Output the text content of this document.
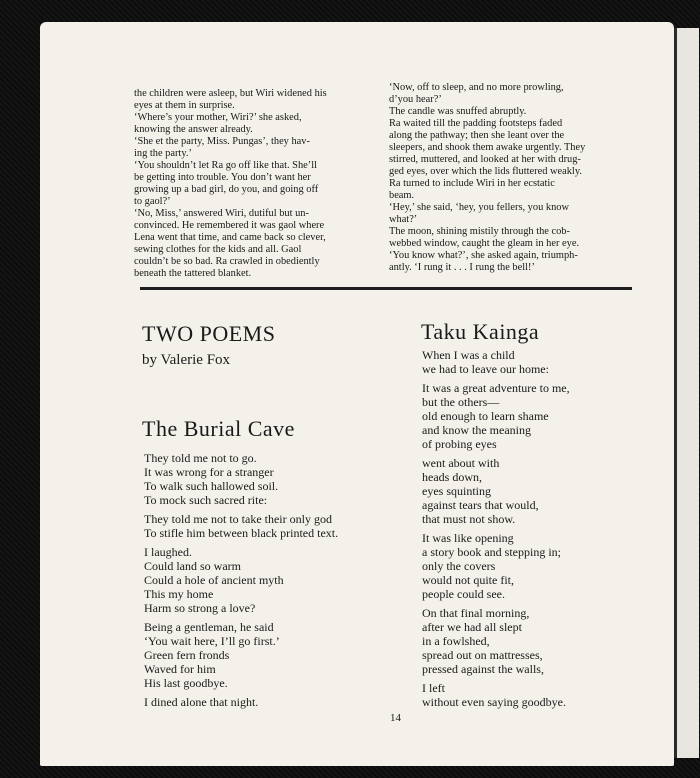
the children were asleep, but Wiri widened his

eyes at them in surprise.

‘Where’s your mother, Wiri?’ she asked,

knowing the answer already.

‘She et the party, Miss. Pungas’, they hav-

ing the party.’

‘You shouldn’t let Ra go off like that. She’ll

be getting into trouble. You don’t want her

growing up a bad girl, do you, and going off

to gaol?’

‘No, Miss,’ answered Wiri, dutiful but un-

convinced. He remembered it was gaol where

Lena went that time, and came back so clever,

sewing clothes for the kids and all. Gaol

couldn’t be so bad. Ra crawled in obediently

beneath the tattered blanket.

‘Now, off to sleep, and no more prowling,

d’you hear?’

The candle was snuffed abruptly.

Ra waited till the padding footsteps faded

along the pathway; then she leant over the

sleepers, and shook them awake urgently. They

stirred, muttered, and looked at her with drug-

ged eyes, over which the lids fluttered weakly.

Ra turned to include Wiri in her ecstatic

beam.

‘Hey,’ she said, ‘hey, you fellers, you know

what?’

The moon, shining mistily through the cob-

webbed window, caught the gleam in her eye.

‘You know what?’, she asked again, triumph-

antly. ‘I rung it . . . I rung the bell!’

TWO POEMS
by Valerie Fox
The Burial Cave
They told me not to go.
It was wrong for a stranger
To walk such hallowed soil.
To mock such sacred rite:
They told me not to take their only god
To stifle him between black printed text.
I laughed.
Could land so warm
Could a hole of ancient myth
This my home
Harm so strong a love?
Being a gentleman, he said
‘You wait here, I’ll go first.’
Green fern fronds
Waved for him
His last goodbye.
I dined alone that night.
Taku Kainga
When I was a child
we had to leave our home:
It was a great adventure to me,
but the others—
old enough to learn shame
and know the meaning
of probing eyes
went about with
heads down,
eyes squinting
against tears that would,
that must not show.
It was like opening
a story book and stepping in;
only the covers
would not quite fit,
people could see.
On that final morning,
after we had all slept
in a fowlshed,
spread out on mattresses,
pressed against the walls,
I left
without even saying goodbye.
14
